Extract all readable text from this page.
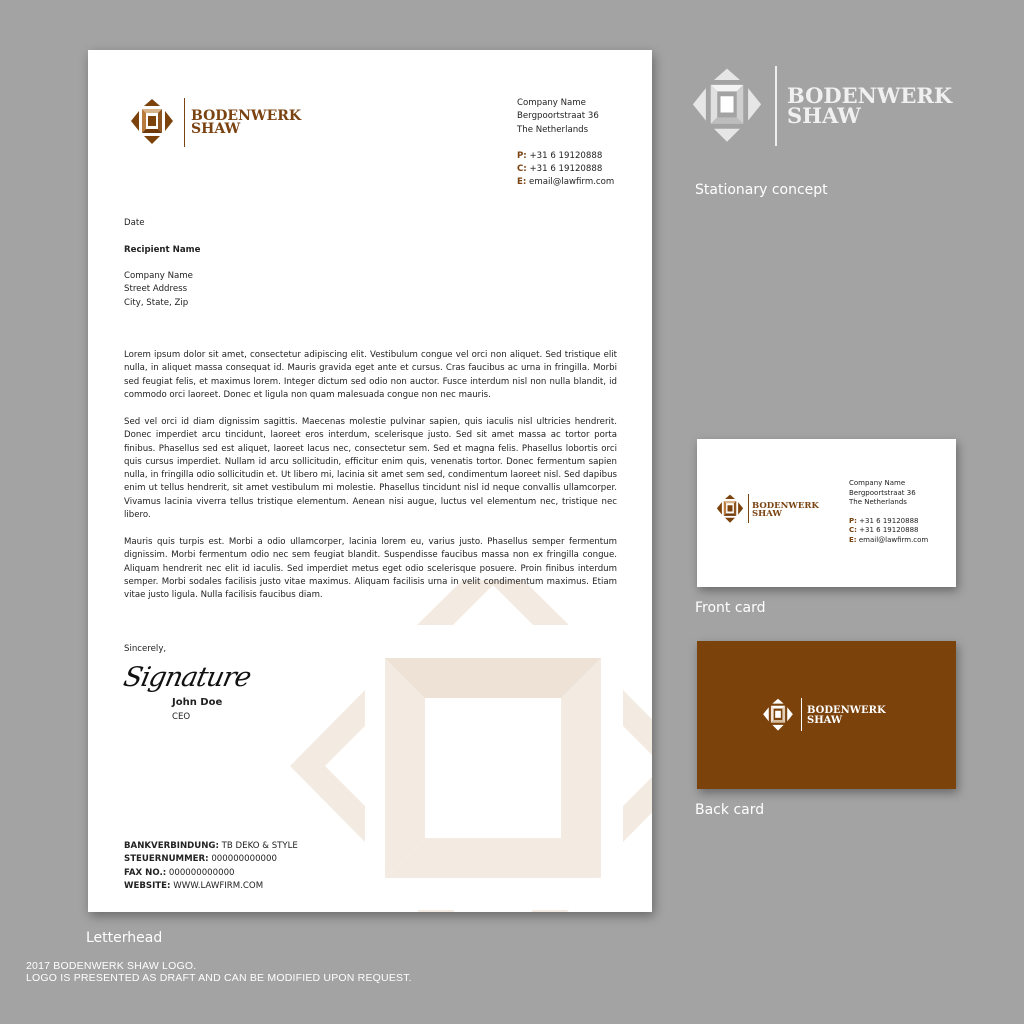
BODENWERK
SHAW
Company Name
Bergpoortstraat 36
The Netherlands
P: +31 6 19120888
C: +31 6 19120888
E: email@lawfirm.com
Date
Recipient Name
Company Name
Street Address
City, State, Zip
Lorem ipsum dolor sit amet, consectetur adipiscing elit. Vestibulum congue vel orci non aliquet. Sed tristique elit nulla, in aliquet massa consequat id. Mauris gravida eget ante et cursus. Cras faucibus ac urna in fringilla. Morbi sed feugiat felis, et maximus lorem. Integer dictum sed odio non auctor. Fusce interdum nisl non nulla blandit, id commodo orci laoreet. Donec et ligula non quam malesuada congue non nec mauris.
Sed vel orci id diam dignissim sagittis. Maecenas molestie pulvinar sapien, quis iaculis nisl ultricies hendrerit. Donec imperdiet arcu tincidunt, laoreet eros interdum, scelerisque justo. Sed sit amet massa ac tortor porta finibus. Phasellus sed est aliquet, laoreet lacus nec, consectetur sem. Sed et magna felis. Phasellus lobortis orci quis cursus imperdiet. Nullam id arcu sollicitudin, efficitur enim quis, venenatis tortor. Donec fermentum sapien nulla, in fringilla odio sollicitudin et. Ut libero mi, lacinia sit amet sem sed, condimentum laoreet nisl. Sed dapibus enim ut tellus hendrerit, sit amet vestibulum mi molestie. Phasellus tincidunt nisl id neque convallis ullamcorper. Vivamus lacinia viverra tellus tristique elementum. Aenean nisi augue, luctus vel elementum nec, tristique nec libero.
Mauris quis turpis est. Morbi a odio ullamcorper, lacinia lorem eu, varius justo. Phasellus semper fermentum dignissim. Morbi fermentum odio nec sem feugiat blandit. Suspendisse faucibus massa non ex fringilla congue. Aliquam hendrerit nec elit id iaculis. Sed imperdiet metus eget odio scelerisque posuere. Proin finibus interdum semper. Morbi sodales facilisis justo vitae maximus. Aliquam facilisis urna in velit condimentum maximus. Etiam vitae justo ligula. Nulla facilisis faucibus diam.
Sincerely,
Signature
John Doe
CEO
BANKVERBINDUNG: TB DEKO & STYLE
STEUERNUMMER: 000000000000
FAX NO.: 000000000000
WEBSITE: WWW.LAWFIRM.COM
BODENWERK
SHAW
Stationary concept
BODENWERK
SHAW
Company Name
Bergpoortstraat 36
The Netherlands
P: +31 6 19120888
C: +31 6 19120888
E: email@lawfirm.com
Front card
BODENWERK
SHAW
Back card
Letterhead
2017 BODENWERK SHAW LOGO.
LOGO IS PRESENTED AS DRAFT AND CAN BE MODIFIED UPON REQUEST.
